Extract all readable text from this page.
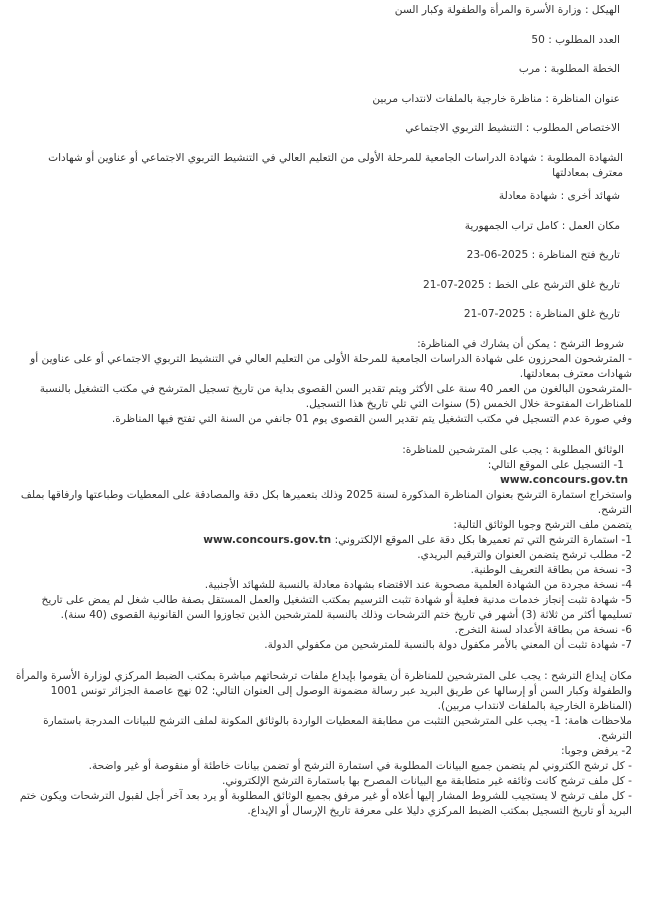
الهيكل : وزارة الأسرة والمرأة والطفولة وكبار السن
العدد المطلوب : 50
الخطة المطلوبة : مرب
عنوان المناظرة : مناظرة خارجية بالملفات لانتداب مربين
الاختصاص المطلوب : التنشيط التربوي الاجتماعي
الشهادة المطلوبة : شهادة الدراسات الجامعية للمرحلة الأولى من التعليم العالي في التنشيط التربوي الاجتماعي أو عناوين أو شهادات معترف بمعادلتها
شهائد أخرى : شهادة معادلة
مكان العمل : كامل تراب الجمهورية
تاريخ فتح المناظرة : 2025-06-23
تاريخ غلق الترشح على الخط : 2025-07-21
تاريخ غلق المناظرة : 2025-07-21
شروط الترشح : يمكن أن يشارك في المناظرة:

- المترشحون المحرزون على شهادة الدراسات الجامعية للمرحلة الأولى من التعليم العالي في التنشيط التربوي الاجتماعي أو على عناوين أو شهادات معترف بمعادلتها.

-المترشحون البالغون من العمر 40 سنة على الأكثر ويتم تقدير السن القصوى بداية من تاريخ تسجيل المترشح في مكتب التشغيل بالنسبة للمناظرات المفتوحة خلال الخمس (5) سنوات التي تلي تاريخ هذا التسجيل.

وفي صورة عدم التسجيل في مكتب التشغيل يتم تقدير السن القصوى يوم 01 جانفي من السنة التي تفتح فيها المناظرة.

الوثائق المطلوبة : يجب على المترشحين للمناظرة:
1- التسجيل على الموقع التالي:
www.concours.gov.tn

واستخراج استمارة الترشح بعنوان المناظرة المذكورة لسنة 2025 وذلك بتعميرها بكل دقة والمصادقة على المعطيات وطباعتها وارفاقها بملف الترشح.

يتضمن ملف الترشح وجوبا الوثائق التالية:
1- استمارة الترشح التي تم تعميرها بكل دقة على الموقع الإلكتروني: www.concours.gov.tn

2- مطلب ترشح يتضمن العنوان والترقيم البريدي.

3- نسخة من بطاقة التعريف الوطنية.

4- نسخة مجردة من الشهادة العلمية مصحوبة عند الاقتضاء بشهادة معادلة بالنسبة للشهائد الأجنبية.

5- شهادة تثبت إنجاز خدمات مدنية فعلية أو شهادة تثبت الترسيم بمكتب التشغيل والعمل المستقل بصفة طالب شغل لم يمض على تاريخ تسليمها أكثر من ثلاثة (3) أشهر في تاريخ ختم الترشحات وذلك بالنسبة للمترشحين الذين تجاوزوا السن القانونية القصوى (40 سنة).

6- نسخة من بطاقة الأعداد لسنة التخرج.

7- شهادة تثبت أن المعني بالأمر مكفول دولة بالنسبة للمترشحين من مكفولي الدولة.

مكان إيداع الترشح : يجب على المترشحين للمناظرة أن يقوموا بإيداع ملفات ترشحاتهم مباشرة بمكتب الضبط المركزي لوزارة الأسرة والمرأة والطفولة وكبار السن أو إرسالها عن طريق البريد عبر رسالة مضمونة الوصول إلى العنوان التالي: 02 نهج عاصمة الجزائر تونس 1001 (المناظرة الخارجية بالملفات لانتداب مربين).

ملاحظات هامة: 1- يجب على المترشحين التثبت من مطابقة المعطيات الواردة بالوثائق المكونة لملف الترشح للبيانات المدرجة باستمارة الترشح.

2- يرفض وجوبا:

- كل ترشح الكتروني لم يتضمن جميع البيانات المطلوبة في استمارة الترشح أو تضمن بيانات خاطئة أو منقوصة أو غير واضحة.

- كل ملف ترشح كانت وثائقه غير متطابقة مع البيانات المصرح بها باستمارة الترشح الإلكتروني.

- كل ملف ترشح لا يستجيب للشروط المشار إليها أعلاه أو غير مرفق بجميع الوثائق المطلوبة أو يرد بعد آخر أجل لقبول الترشحات ويكون ختم البريد أو تاريخ التسجيل بمكتب الضبط المركزي دليلا على معرفة تاريخ الإرسال أو الإيداع.
